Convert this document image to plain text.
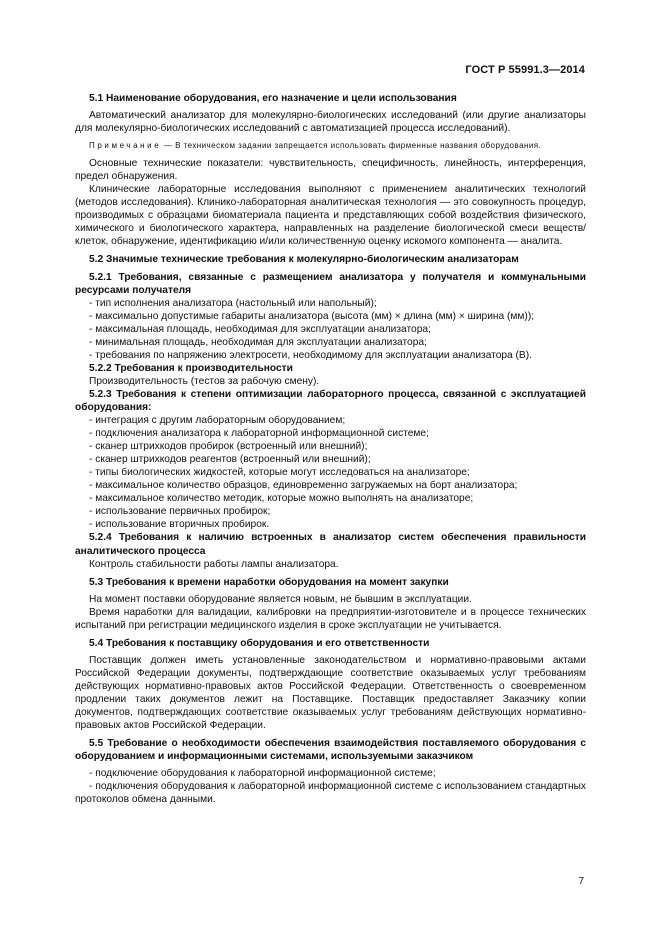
ГОСТ Р 55991.3—2014

5.1 Наименование оборудования, его назначение и цели использования

Автоматический анализатор для молекулярно-биологических исследований (или другие анализаторы для молекулярно-биологических исследований с автоматизацией процесса исследований).

Примечание — В техническом задании запрещается использовать фирменные названия оборудования.

Основные технические показатели: чувствительность, специфичность, линейность, интерференция, предел обнаружения.

Клинические лабораторные исследования выполняют с применением аналитических технологий (методов исследования). Клинико-лабораторная аналитическая технология — это совокупность процедур, производимых с образцами биоматериала пациента и представляющих собой воздействия физического, химического и биологического характера, направленных на разделение биологической смеси веществ/клеток, обнаружение, идентификацию и/или количественную оценку искомого компонента — аналита.

5.2 Значимые технические требования к молекулярно-биологическим анализаторам

5.2.1 Требования, связанные с размещением анализатора у получателя и коммунальными ресурсами получателя

- тип исполнения анализатора (настольный или напольный);

- максимально допустимые габариты анализатора (высота (мм) × длина (мм) × ширина (мм));

- максимальная площадь, необходимая для эксплуатации анализатора;

- минимальная площадь, необходимая для эксплуатации анализатора;

- требования по напряжению электросети, необходимому для эксплуатации анализатора (В).

5.2.2 Требования к производительности

Производительность (тестов за рабочую смену).

5.2.3 Требования к степени оптимизации лабораторного процесса, связанной с эксплуатацией оборудования:

- интеграция с другим лабораторным оборудованием;

- подключения анализатора к лабораторной информационной системе;

- сканер штрихкодов пробирок (встроенный или внешний);

- сканер штрихкодов реагентов (встроенный или внешний);

- типы биологических жидкостей, которые могут исследоваться на анализаторе;

- максимальное количество образцов, единовременно загружаемых на борт анализатора;

- максимальное количество методик, которые можно выполнять на анализаторе;

- использование первичных пробирок;

- использование вторичных пробирок.

5.2.4 Требования к наличию встроенных в анализатор систем обеспечения правильности аналитического процесса

Контроль стабильности работы лампы анализатора.

5.3 Требования к времени наработки оборудования на момент закупки

На момент поставки оборудование является новым, не бывшим в эксплуатации.

Время наработки для валидации, калибровки на предприятии-изготовителе и в процессе технических испытаний при регистрации медицинского изделия в сроке эксплуатации не учитывается.

5.4 Требования к поставщику оборудования и его ответственности

Поставщик должен иметь установленные законодательством и нормативно-правовыми актами Российской Федерации документы, подтверждающие соответствие оказываемых услуг требованиям действующих нормативно-правовых актов Российской Федерации. Ответственность о своевременном продлении таких документов лежит на Поставщике. Поставщик предоставляет Заказчику копии документов, подтверждающих соответствие оказываемых услуг требованиям действующих нормативно-правовых актов Российской Федерации.

5.5 Требование о необходимости обеспечения взаимодействия поставляемого оборудования с оборудованием и информационными системами, используемыми заказчиком

- подключение оборудования к лабораторной информационной системе;

- подключения оборудования к лабораторной информационной системе с использованием стандартных протоколов обмена данными.

7
